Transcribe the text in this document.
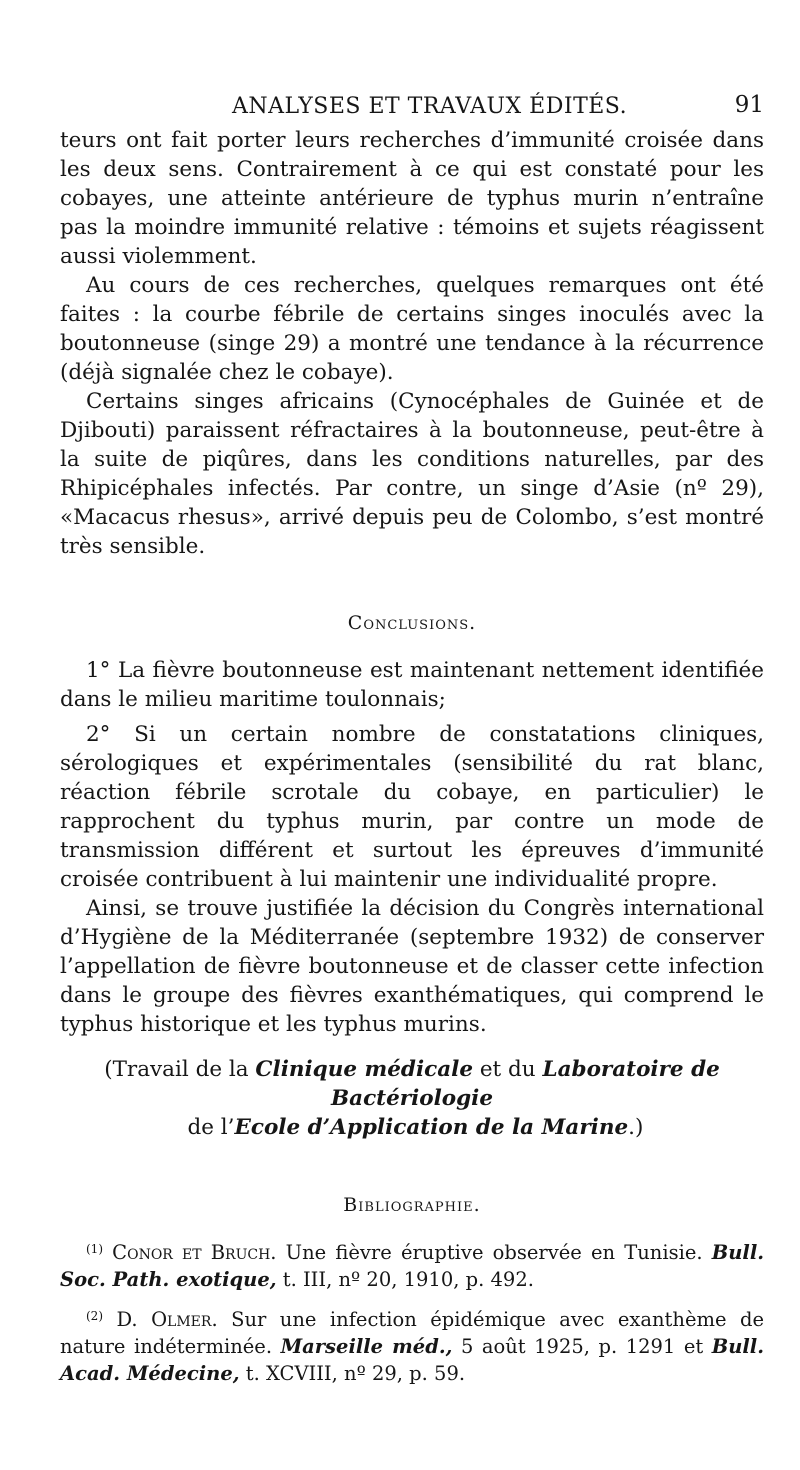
ANALYSES ET TRAVAUX ÉDITÉS.	91

teurs ont fait porter leurs recherches d’immunité croisée dans les deux sens. Contrairement à ce qui est constaté pour les cobayes, une atteinte antérieure de typhus murin n’entraîne pas la moindre immunité relative : témoins et sujets réagissent aussi violemment.

Au cours de ces recherches, quelques remarques ont été faites : la courbe fébrile de certains singes inoculés avec la boutonneuse (singe 29) a montré une tendance à la récurrence (déjà signalée chez le cobaye).

Certains singes africains (Cynocéphales de Guinée et de Djibouti) paraissent réfractaires à la boutonneuse, peut-être à la suite de piqûres, dans les conditions naturelles, par des Rhipicéphales infectés. Par contre, un singe d’Asie (nº 29), «Macacus rhesus», arrivé depuis peu de Colombo, s’est montré très sensible.

Conclusions.

1° La fièvre boutonneuse est maintenant nettement identifiée dans le milieu maritime toulonnais;

2° Si un certain nombre de constatations cliniques, sérologiques et expérimentales (sensibilité du rat blanc, réaction fébrile scrotale du cobaye, en particulier) le rapprochent du typhus murin, par contre un mode de transmission différent et surtout les épreuves d’immunité croisée contribuent à lui maintenir une individualité propre.

Ainsi, se trouve justifiée la décision du Congrès international d’Hygiène de la Méditerranée (septembre 1932) de conserver l’appellation de fièvre boutonneuse et de classer cette infection dans le groupe des fièvres exanthématiques, qui comprend le typhus historique et les typhus murins.

(Travail de la Clinique médicale et du Laboratoire de Bactériologie
de l’Ecole d’Application de la Marine.)
Bibliographie.

$^{(1)}$ Conor et Bruch. Une fièvre éruptive observée en Tunisie. Bull. Soc. Path. exotique, t. III, nº 20, 1910, p. 492.

$^{(2)}$ D. Olmer. Sur une infection épidémique avec exanthème de nature indéterminée. Marseille méd., 5 août 1925, p. 1291 et Bull. Acad. Médecine, t. XCVIII, nº 29, p. 59.
